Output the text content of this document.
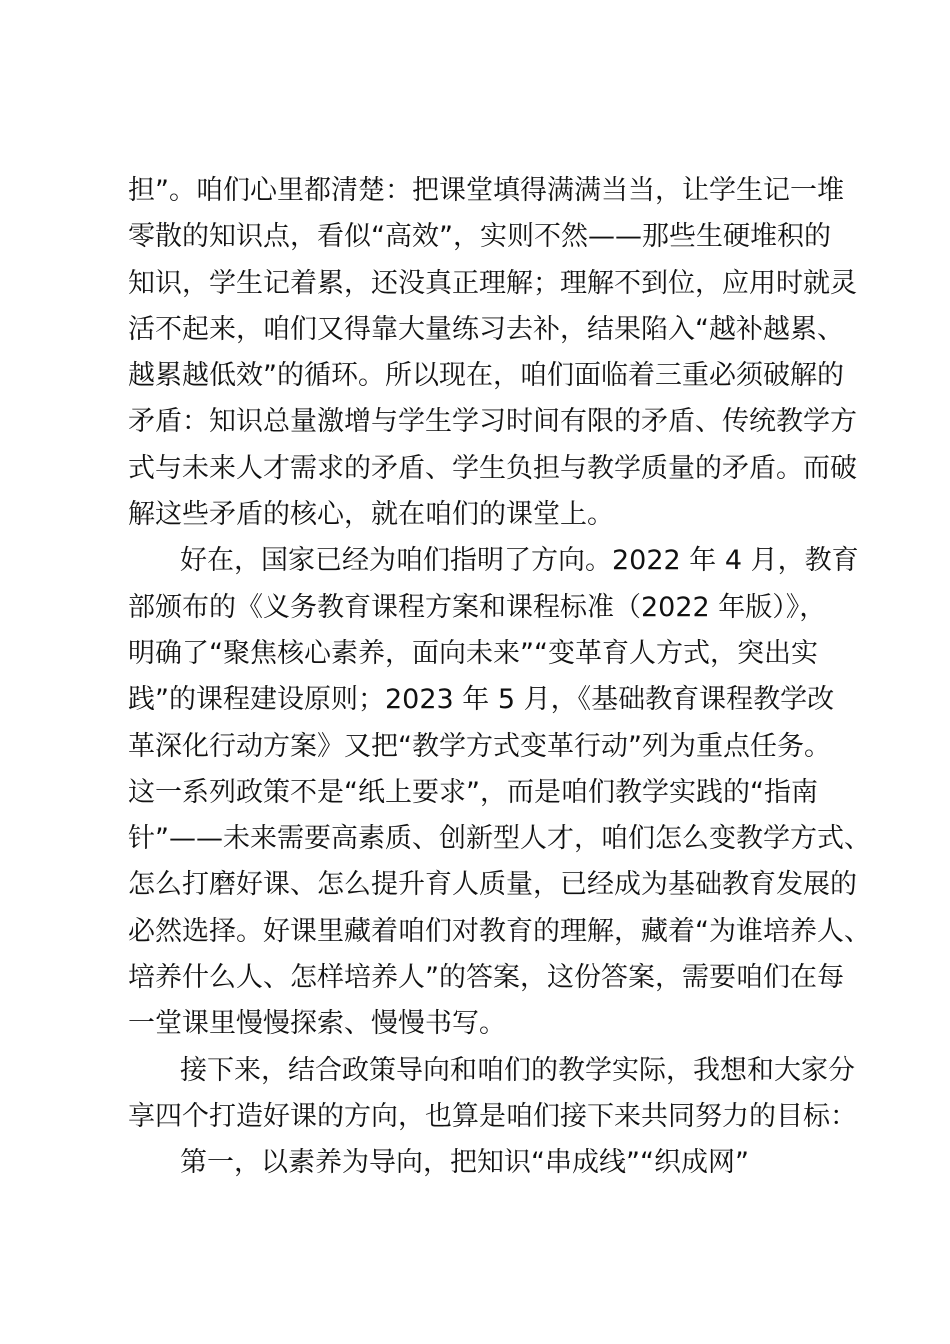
担”。咱们心里都清楚：把课堂填得满满当当，让学生记一堆
零散的知识点，看似“高效”，实则不然——那些生硬堆积的
知识，学生记着累，还没真正理解；理解不到位，应用时就灵
活不起来，咱们又得靠大量练习去补，结果陷入“越补越累、
越累越低效”的循环。所以现在，咱们面临着三重必须破解的
矛盾：知识总量激增与学生学习时间有限的矛盾、传统教学方
式与未来人才需求的矛盾、学生负担与教学质量的矛盾。而破
解这些矛盾的核心，就在咱们的课堂上。
好在，国家已经为咱们指明了方向。2022 年 4 月，教育
部颁布的《义务教育课程方案和课程标准（2022 年版）》，
明确了“聚焦核心素养，面向未来”“变革育人方式，突出实
践”的课程建设原则；2023 年 5 月，《基础教育课程教学改
革深化行动方案》又把“教学方式变革行动”列为重点任务。
这一系列政策不是“纸上要求”，而是咱们教学实践的“指南
针”——未来需要高素质、创新型人才，咱们怎么变教学方式、
怎么打磨好课、怎么提升育人质量，已经成为基础教育发展的
必然选择。好课里藏着咱们对教育的理解，藏着“为谁培养人、
培养什么人、怎样培养人”的答案，这份答案，需要咱们在每
一堂课里慢慢探索、慢慢书写。
接下来，结合政策导向和咱们的教学实际，我想和大家分
享四个打造好课的方向，也算是咱们接下来共同努力的目标：
第一，以素养为导向，把知识“串成线”“织成网”
